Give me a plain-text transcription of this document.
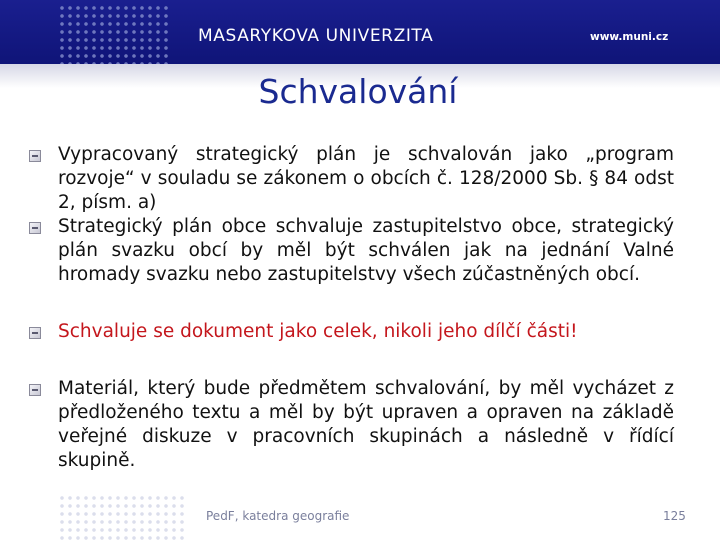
MASARYKOVA UNIVERZITA	www.muni.cz
Schvalování
Vypracovaný strategický plán je schvalován jako „program rozvoje“ v souladu se zákonem o obcích č. 128/2000 Sb. § 84 odst 2, písm. a)
Strategický plán obce schvaluje zastupitelstvo obce, strategický plán svazku obcí by měl být schválen jak na jednání Valné hromady svazku nebo zastupitelstvy všech zúčastněných obcí.
Schvaluje se dokument jako celek, nikoli jeho dílčí části!
Materiál, který bude předmětem schvalování, by měl vycházet z předloženého textu a měl by být upraven a opraven na základě veřejné diskuze v pracovních skupinách a následně v řídící skupině.
PedF, katedra geografie	125
